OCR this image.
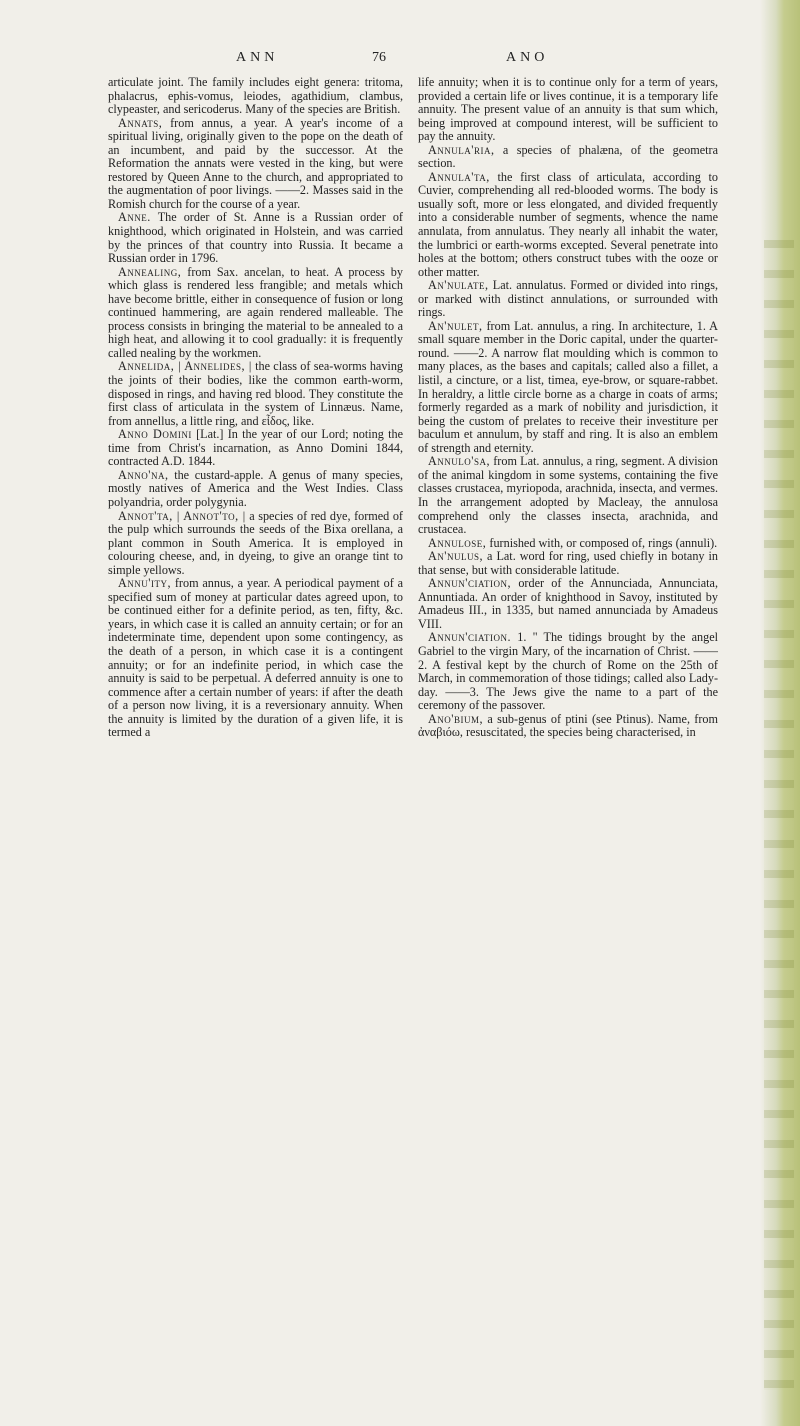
ANN	76	ANO

articulate joint. The family includes eight genera: tritoma, phalacrus, ephis-vomus, leiodes, agathidium, clambus, clypeaster, and sericoderus. Many of the species are British.

Annats, from annus, a year. A year's income of a spiritual living, originally given to the pope on the death of an incumbent, and paid by the successor. At the Reformation the annats were vested in the king, but were restored by Queen Anne to the church, and appropriated to the augmentation of poor livings. ——2. Masses said in the Romish church for the course of a year.

Anne. The order of St. Anne is a Russian order of knighthood, which originated in Holstein, and was carried by the princes of that country into Russia. It became a Russian order in 1796.

Annealing, from Sax. ancelan, to heat. A process by which glass is rendered less frangible; and metals which have become brittle, either in consequence of fusion or long continued hammering, are again rendered malleable. The process consists in bringing the material to be annealed to a high heat, and allowing it to cool gradually: it is frequently called nealing by the workmen.

Annelida, | Annelides, | the class of sea-worms having the joints of their bodies, like the common earth-worm, disposed in rings, and having red blood. They constitute the first class of articulata in the system of Linnæus. Name, from annellus, a little ring, and εἶδος, like.

Anno Domini [Lat.] In the year of our Lord; noting the time from Christ's incarnation, as Anno Domini 1844, contracted A.D. 1844.

Anno'na, the custard-apple. A genus of many species, mostly natives of America and the West Indies. Class polyandria, order polygynia.

Annot'ta, | Annot'to, | a species of red dye, formed of the pulp which surrounds the seeds of the Bixa orellana, a plant common in South America. It is employed in colouring cheese, and, in dyeing, to give an orange tint to simple yellows.

Annu'ity, from annus, a year. A periodical payment of a specified sum of money at particular dates agreed upon, to be continued either for a definite period, as ten, fifty, &c. years, in which case it is called an annuity certain; or for an indeterminate time, dependent upon some contingency, as the death of a person, in which case it is a contingent annuity; or for an indefinite period, in which case the annuity is said to be perpetual. A deferred annuity is one to commence after a certain number of years: if after the death of a person now living, it is a reversionary annuity. When the annuity is limited by the duration of a given life, it is termed a

life annuity; when it is to continue only for a term of years, provided a certain life or lives continue, it is a temporary life annuity. The present value of an annuity is that sum which, being improved at compound interest, will be sufficient to pay the annuity.

Annula'ria, a species of phalæna, of the geometra section.

Annula'ta, the first class of articulata, according to Cuvier, comprehending all red-blooded worms. The body is usually soft, more or less elongated, and divided frequently into a considerable number of segments, whence the name annulata, from annulatus. They nearly all inhabit the water, the lumbrici or earth-worms excepted. Several penetrate into holes at the bottom; others construct tubes with the ooze or other matter.

An'nulate, Lat. annulatus. Formed or divided into rings, or marked with distinct annulations, or surrounded with rings.

An'nulet, from Lat. annulus, a ring. In architecture, 1. A small square member in the Doric capital, under the quarter-round. ——2. A narrow flat moulding which is common to many places, as the bases and capitals; called also a fillet, a listil, a cincture, or a list, timea, eye-brow, or square-rabbet. In heraldry, a little circle borne as a charge in coats of arms; formerly regarded as a mark of nobility and jurisdiction, it being the custom of prelates to receive their investiture per baculum et annulum, by staff and ring. It is also an emblem of strength and eternity.

Annulo'sa, from Lat. annulus, a ring, segment. A division of the animal kingdom in some systems, containing the five classes crustacea, myriopoda, arachnida, insecta, and vermes. In the arrangement adopted by Macleay, the annulosa comprehend only the classes insecta, arachnida, and crustacea.

Annulose, furnished with, or composed of, rings (annuli).

An'nulus, a Lat. word for ring, used chiefly in botany in that sense, but with considerable latitude.

Annun'ciation, order of the Annunciada, Annunciata, Annuntiada. An order of knighthood in Savoy, instituted by Amadeus III., in 1335, but named annunciada by Amadeus VIII.

Annun'ciation. 1. " The tidings brought by the angel Gabriel to the virgin Mary, of the incarnation of Christ. ——2. A festival kept by the church of Rome on the 25th of March, in commemoration of those tidings; called also Lady-day. ——3. The Jews give the name to a part of the ceremony of the passover.

Ano'bium, a sub-genus of ptini (see Ptinus). Name, from ἀναβιόω, resuscitated, the species being characterised, in
